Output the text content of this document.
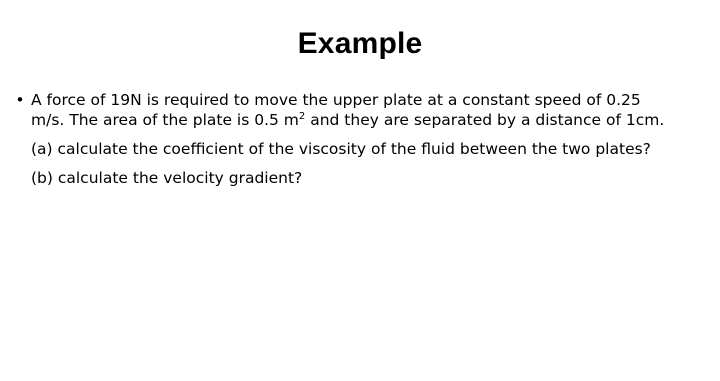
Example
• A force of 19N is required to move the upper plate at a constant speed of 0.25
m/s. The area of the plate is 0.5 $m^2$ and they are separated by a distance of 1cm.
(a) calculate the coefficient of the viscosity of the fluid between the two plates?
(b) calculate the velocity gradient?
